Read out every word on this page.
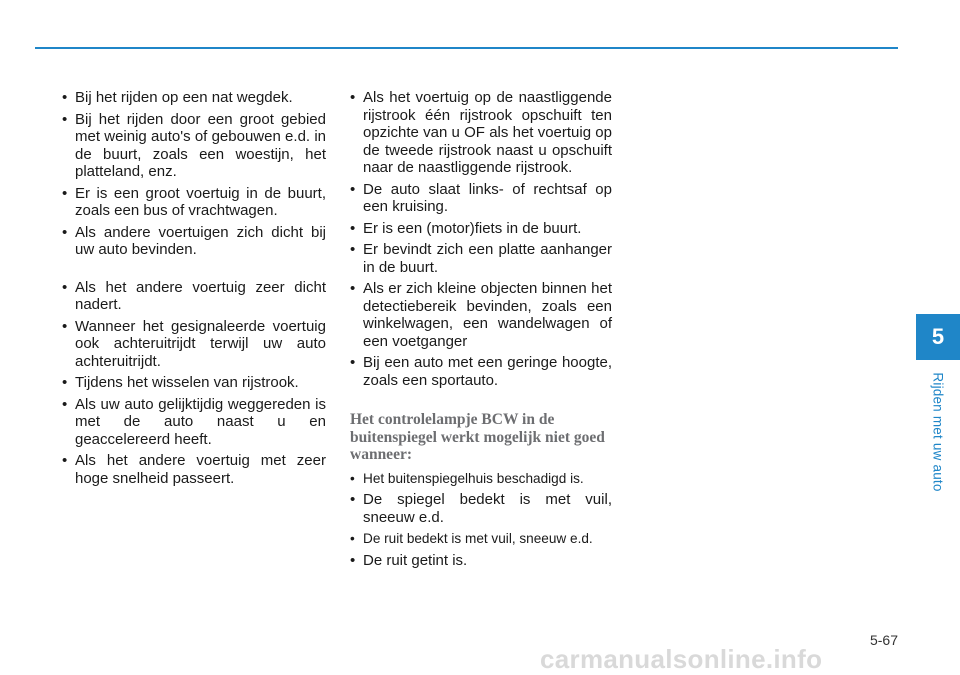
• Bij het rijden op een nat wegdek.
• Bij het rijden door een groot gebied met weinig auto's of gebouwen e.d. in de buurt, zoals een woestijn, het platteland, enz.
• Er is een groot voertuig in de buurt, zoals een bus of vrachtwagen.
• Als andere voertuigen zich dicht bij uw auto bevinden.
• Als het andere voertuig zeer dicht nadert.
• Wanneer het gesignaleerde voertuig ook achteruitrijdt terwijl uw auto achteruitrijdt.
• Tijdens het wisselen van rijstrook.
• Als uw auto gelijktijdig weggereden is met de auto naast u en geaccelereerd heeft.
• Als het andere voertuig met zeer hoge snelheid passeert.
• Als het voertuig op de naastliggende rijstrook één rijstrook opschuift ten opzichte van u OF als het voertuig op de tweede rijstrook naast u opschuift naar de naastliggende rijstrook.
• De auto slaat links- of rechtsaf op een kruising.
• Er is een (motor)fiets in de buurt.
• Er bevindt zich een platte aanhanger in de buurt.
• Als er zich kleine objecten binnen het detectiebereik bevinden, zoals een winkelwagen, een wandelwagen of een voetganger
• Bij een auto met een geringe hoogte, zoals een sportauto.
Het controlelampje BCW in de buitenspiegel werkt mogelijk niet goed wanneer:
• Het buitenspiegelhuis beschadigd is.
• De spiegel bedekt is met vuil, sneeuw e.d.
• De ruit bedekt is met vuil, sneeuw e.d.
• De ruit getint is.
5
Rijden met uw auto
5-67
carmanualsonline.info
